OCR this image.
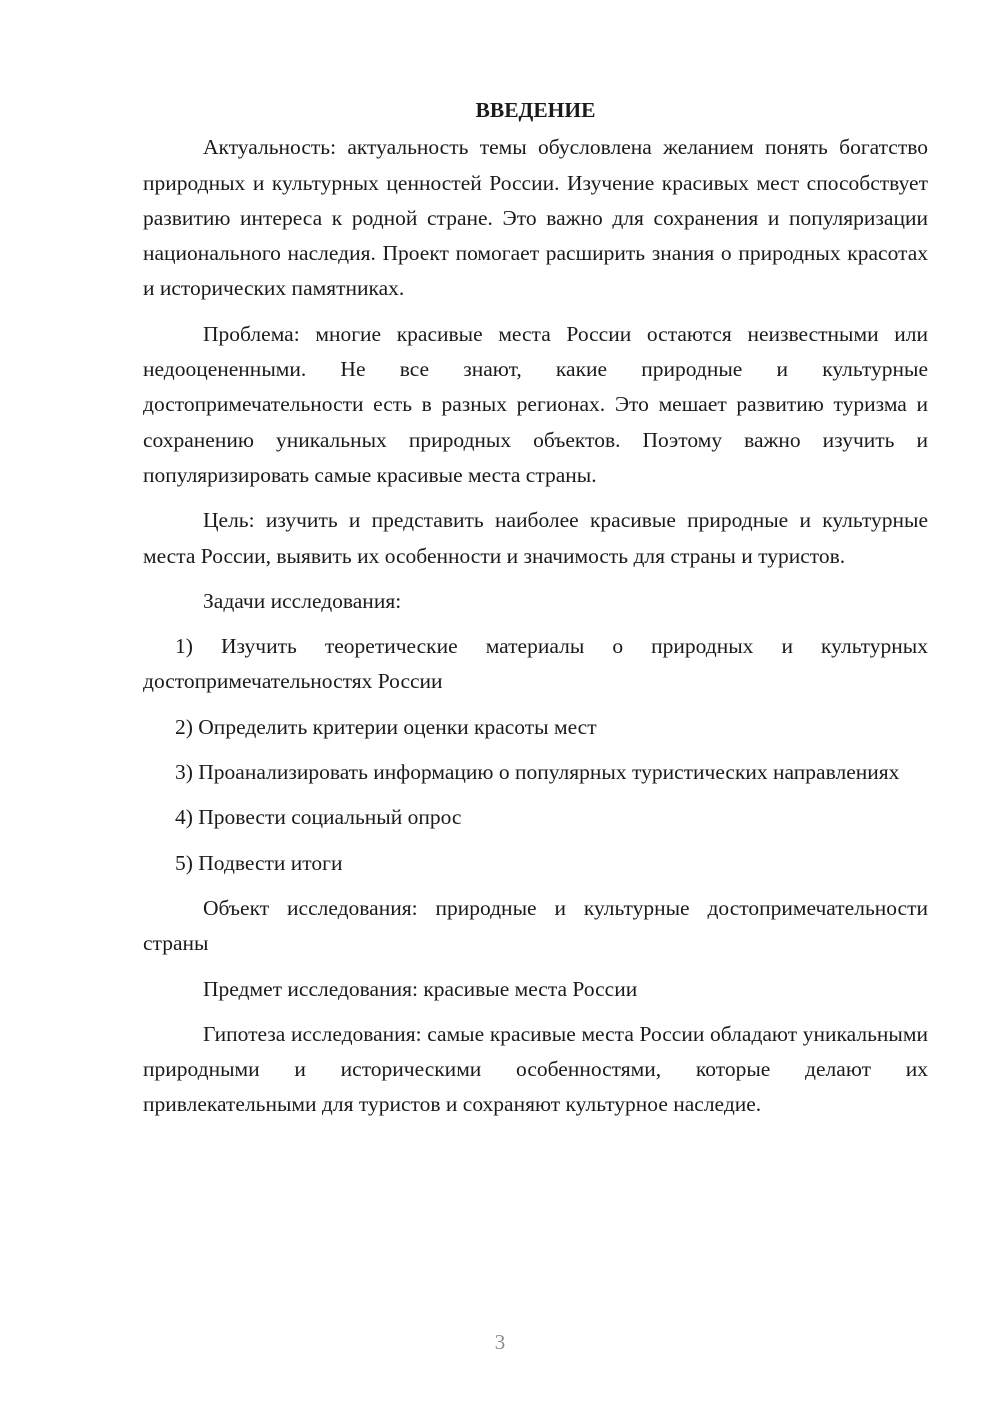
ВВЕДЕНИЕ

Актуальность: актуальность темы обусловлена желанием понять богатство природных и культурных ценностей России. Изучение красивых мест способствует развитию интереса к родной стране. Это важно для сохранения и популяризации национального наследия. Проект помогает расширить знания о природных красотах и исторических памятниках.

Проблема: многие красивые места России остаются неизвестными или недооцененными. Не все знают, какие природные и культурные достопримечательности есть в разных регионах. Это мешает развитию туризма и сохранению уникальных природных объектов. Поэтому важно изучить и популяризировать самые красивые места страны.

Цель: изучить и представить наиболее красивые природные и культурные места России, выявить их особенности и значимость для страны и туристов.

Задачи исследования:

1) Изучить теоретические материалы о природных и культурных достопримечательностях России

2) Определить критерии оценки красоты мест

3) Проанализировать информацию о популярных туристических направлениях

4) Провести социальный опрос

5) Подвести итоги

Объект исследования: природные и культурные достопримечательности страны

Предмет исследования: красивые места России

Гипотеза исследования: самые красивые места России обладают уникальными природными и историческими особенностями, которые делают их привлекательными для туристов и сохраняют культурное наследие.

3
